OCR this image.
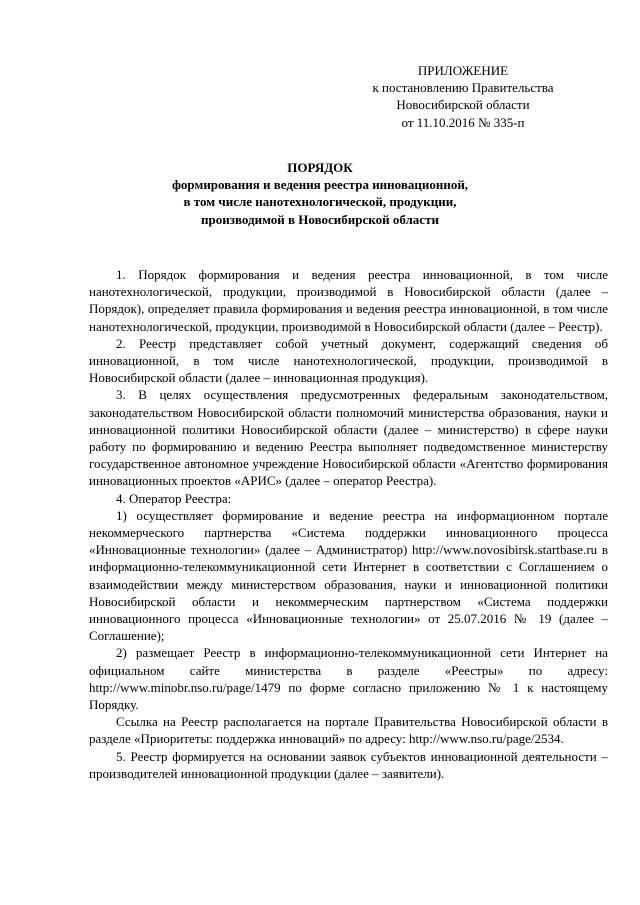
ПРИЛОЖЕНИЕ
к постановлению Правительства
Новосибирской области
от 11.10.2016 № 335-п
ПОРЯДОК
формирования и ведения реестра инновационной,
в том числе нанотехнологической, продукции,
производимой в Новосибирской области

1. Порядок формирования и ведения реестра инновационной, в том числе нанотехнологической, продукции, производимой в Новосибирской области (далее – Порядок), определяет правила формирования и ведения реестра инновационной, в том числе нанотехнологической, продукции, производимой в Новосибирской области (далее – Реестр).

2. Реестр представляет собой учетный документ, содержащий сведения об инновационной, в том числе нанотехнологической, продукции, производимой в Новосибирской области (далее – инновационная продукция).

3. В целях осуществления предусмотренных федеральным законодательством, законодательством Новосибирской области полномочий министерства образования, науки и инновационной политики Новосибирской области (далее – министерство) в сфере науки работу по формированию и ведению Реестра выполняет подведомственное министерству государственное автономное учреждение Новосибирской области «Агентство формирования инновационных проектов «АРИС» (далее – оператор Реестра).

4. Оператор Реестра:

1) осуществляет формирование и ведение реестра на информационном портале некоммерческого партнерства «Система поддержки инновационного процесса «Инновационные технологии» (далее – Администратор) http://www.novosibirsk.startbase.ru в информационно-телекоммуникационной сети Интернет в соответствии с Соглашением о взаимодействии между министерством образования, науки и инновационной политики Новосибирской области и некоммерческим партнерством «Система поддержки инновационного процесса «Инновационные технологии» от 25.07.2016 № 19 (далее – Соглашение);

2) размещает Реестр в информационно-телекоммуникационной сети Интернет на официальном сайте министерства в разделе «Реестры» по адресу: http://www.minobr.nso.ru/page/1479 по форме согласно приложению № 1 к настоящему Порядку.

Ссылка на Реестр располагается на портале Правительства Новосибирской области в разделе «Приоритеты: поддержка инноваций» по адресу: http://www.nso.ru/page/2534.

5. Реестр формируется на основании заявок субъектов инновационной деятельности – производителей инновационной продукции (далее – заявители).
